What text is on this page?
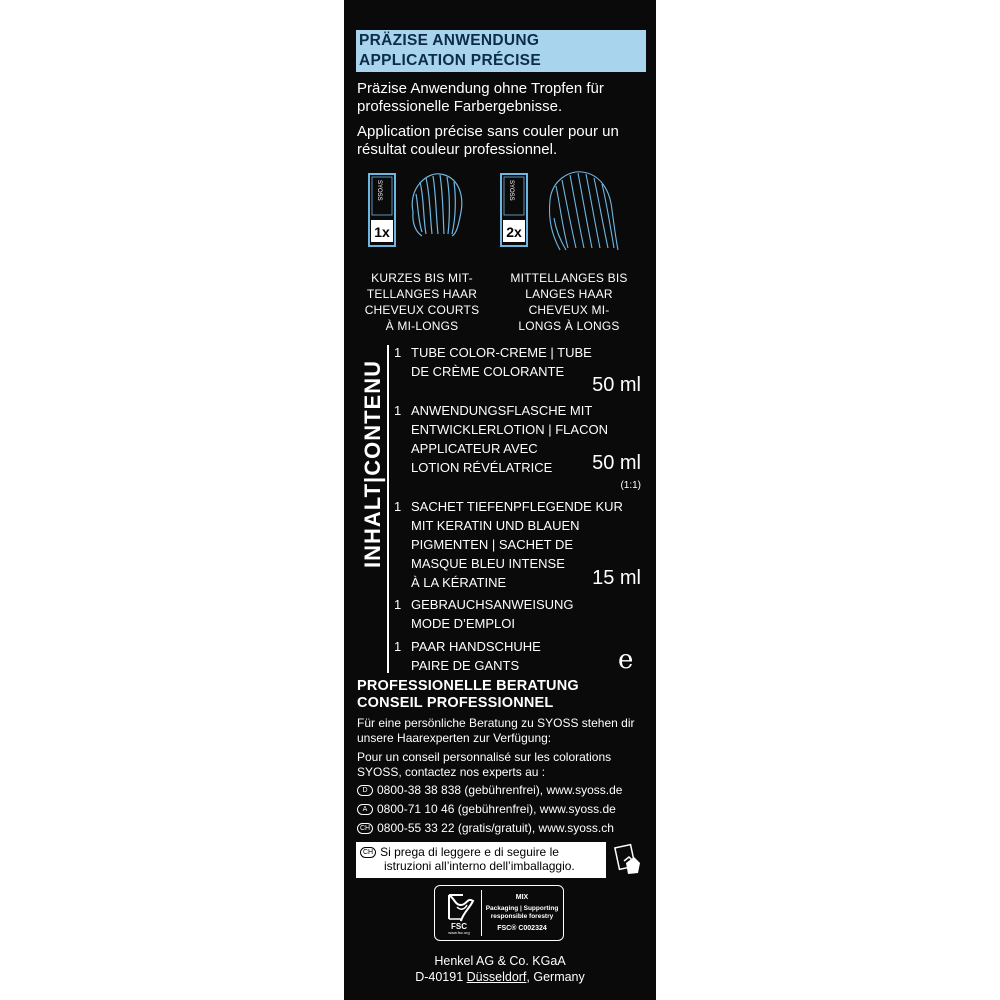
PRÄZISE ANWENDUNG
APPLICATION PRÉCISE
Präzise Anwendung ohne Tropfen für
professionelle Farbergebnisse.
Application précise sans couler pour un
résultat couleur professionnel.
SYOSS
1x
SYOSS
2x
KURZES BIS MIT-
TELLANGES HAAR
CHEVEUX COURTS
À MI-LONGS
MITTELLANGES BIS
LANGES HAAR
CHEVEUX MI-
LONGS À LONGS
INHALT|CONTENU
1 TUBE COLOR-CREME | TUBE
DE CRÈME COLORANTE
50 ml
1 ANWENDUNGSFLASCHE MIT
ENTWICKLERLOTION | FLACON
APPLICATEUR AVEC
LOTION RÉVÉLATRICE	50 ml
(1:1)
1 SACHET TIEFENPFLEGENDE KUR
MIT KERATIN UND BLAUEN
PIGMENTEN | SACHET DE
MASQUE BLEU INTENSE
À LA KÉRATINE	15 ml
1 GEBRAUCHSANWEISUNG
MODE D’EMPLOI
1 PAAR HANDSCHUHE
PAIRE DE GANTS	e
PROFESSIONELLE BERATUNG
CONSEIL PROFESSIONNEL
Für eine persönliche Beratung zu SYOSS stehen dir
unsere Haarexperten zur Verfügung:
Pour un conseil personnalisé sur les colorations
SYOSS, contactez nos experts au :
D 0800-38 38 838 (gebührenfrei), www.syoss.de
A 0800-71 10 46 (gebührenfrei), www.syoss.de
CH 0800-55 33 22 (gratis/gratuit), www.syoss.ch
CH Si prega di leggere e di seguire le
istruzioni all’interno dell’imballaggio.
FSC
www.fsc.org
MIX
Packaging | Supporting
responsible forestry
FSC® C002324
Henkel AG & Co. KGaA
D-40191 Düsseldorf, Germany
